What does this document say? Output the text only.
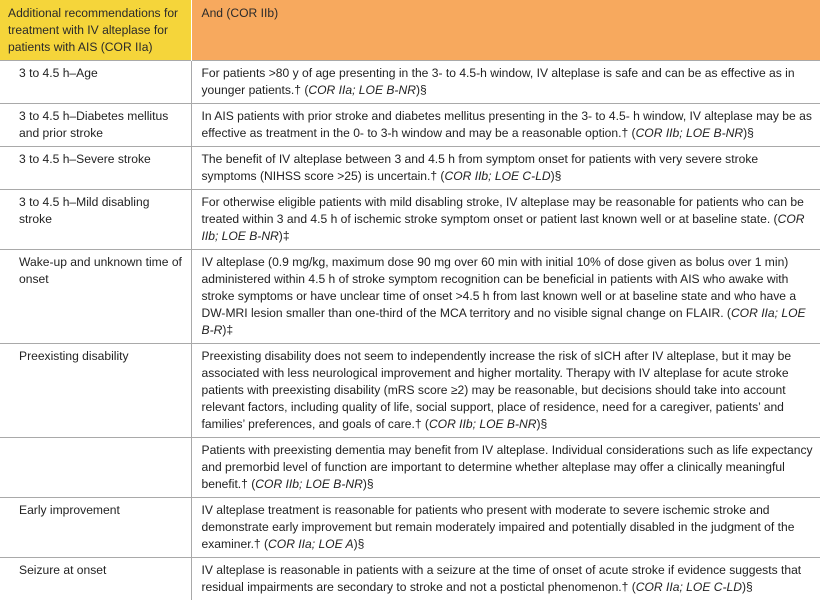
Additional recommendations for treatment with IV alteplase for patients with AIS (COR IIa)	And (COR IIb)
3 to 4.5 h–Age	For patients >80 y of age presenting in the 3- to 4.5-h window, IV alteplase is safe and can be as effective as in younger patients.† (COR IIa; LOE B-NR)§
3 to 4.5 h–Diabetes mellitus and prior stroke	In AIS patients with prior stroke and diabetes mellitus presenting in the 3- to 4.5- h window, IV alteplase may be as effective as treatment in the 0- to 3-h window and may be a reasonable option.† (COR IIb; LOE B-NR)§
3 to 4.5 h–Severe stroke	The benefit of IV alteplase between 3 and 4.5 h from symptom onset for patients with very severe stroke symptoms (NIHSS score >25) is uncertain.† (COR IIb; LOE C-LD)§
3 to 4.5 h–Mild disabling stroke	For otherwise eligible patients with mild disabling stroke, IV alteplase may be reasonable for patients who can be treated within 3 and 4.5 h of ischemic stroke symptom onset or patient last known well or at baseline state. (COR IIb; LOE B-NR)‡
Wake-up and unknown time of onset	IV alteplase (0.9 mg/kg, maximum dose 90 mg over 60 min with initial 10% of dose given as bolus over 1 min) administered within 4.5 h of stroke symptom recognition can be beneficial in patients with AIS who awake with stroke symptoms or have unclear time of onset >4.5 h from last known well or at baseline state and who have a DW-MRI lesion smaller than one-third of the MCA territory and no visible signal change on FLAIR. (COR IIa; LOE B-R)‡
Preexisting disability	Preexisting disability does not seem to independently increase the risk of sICH after IV alteplase, but it may be associated with less neurological improvement and higher mortality. Therapy with IV alteplase for acute stroke patients with preexisting disability (mRS score ≥2) may be reasonable, but decisions should take into account relevant factors, including quality of life, social support, place of residence, need for a caregiver, patients’ and families’ preferences, and goals of care.† (COR IIb; LOE B-NR)§
	Patients with preexisting dementia may benefit from IV alteplase. Individual considerations such as life expectancy and premorbid level of function are important to determine whether alteplase may offer a clinically meaningful benefit.† (COR IIb; LOE B-NR)§
Early improvement	IV alteplase treatment is reasonable for patients who present with moderate to severe ischemic stroke and demonstrate early improvement but remain moderately impaired and potentially disabled in the judgment of the examiner.† (COR IIa; LOE A)§
Seizure at onset	IV alteplase is reasonable in patients with a seizure at the time of onset of acute stroke if evidence suggests that residual impairments are secondary to stroke and not a postictal phenomenon.† (COR IIa; LOE C-LD)§
